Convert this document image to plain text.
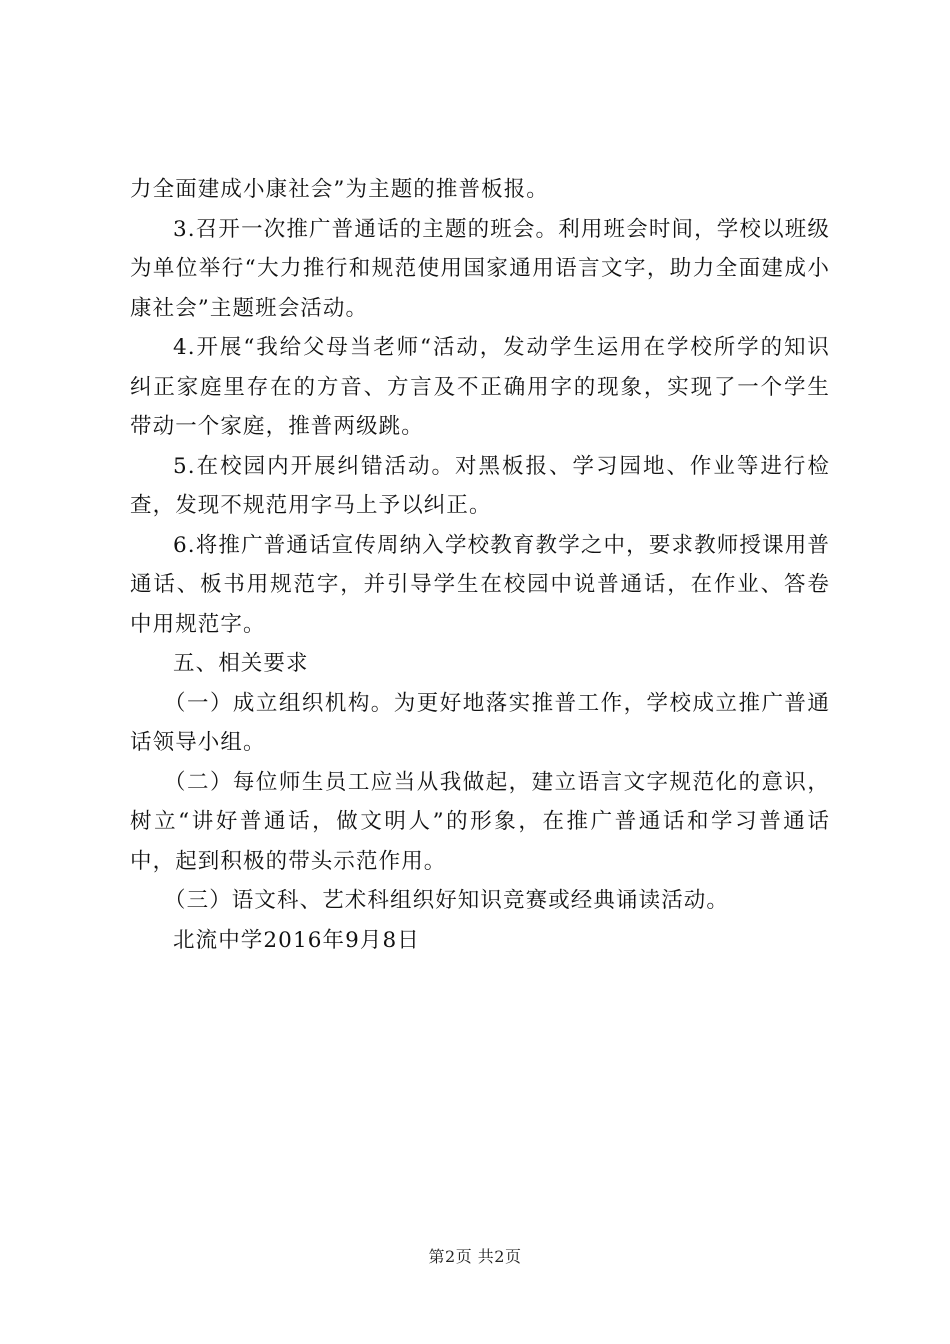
力全面建成小康社会”为主题的推普板报。

3.召开一次推广普通话的主题的班会。利用班会时间，学校以班级为单位举行“大力推行和规范使用国家通用语言文字，助力全面建成小康社会”主题班会活动。

4.开展“我给父母当老师“活动，发动学生运用在学校所学的知识纠正家庭里存在的方音、方言及不正确用字的现象，实现了一个学生带动一个家庭，推普两级跳。

5.在校园内开展纠错活动。对黑板报、学习园地、作业等进行检查，发现不规范用字马上予以纠正。

6.将推广普通话宣传周纳入学校教育教学之中，要求教师授课用普通话、板书用规范字，并引导学生在校园中说普通话，在作业、答卷中用规范字。

五、相关要求

（一）成立组织机构。为更好地落实推普工作，学校成立推广普通话领导小组。

（二）每位师生员工应当从我做起，建立语言文字规范化的意识，树立“讲好普通话，做文明人”的形象，在推广普通话和学习普通话中，起到积极的带头示范作用。

（三）语文科、艺术科组织好知识竞赛或经典诵读活动。

北流中学2016年9月8日

第2页 共2页
